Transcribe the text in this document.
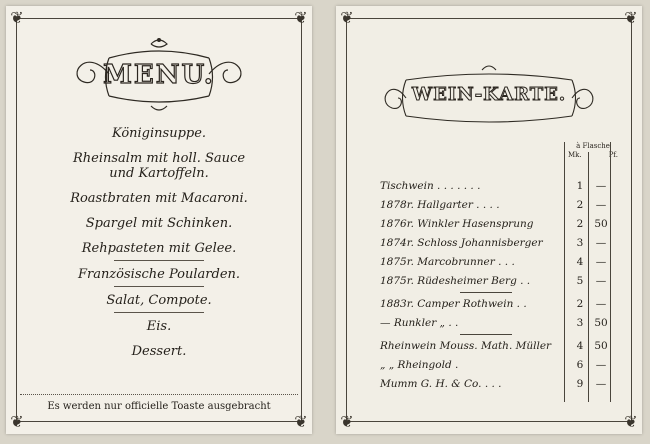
❦	❦
❦	❦
MENU.
Königinsuppe.
Rheinsalm mit holl. Sauce
und Kartoffeln.
Roastbraten mit Macaroni.
Spargel mit Schinken.
Rehpasteten mit Gelee.
Französische Poularden.
Salat, Compote.
Eis.
Dessert.
Es werden nur officielle Toaste ausgebracht
❦	❦
❦	❦
WEIN-KARTE.
à Flasche
Mk.	Pf.
Tischwein . . . . . . .	1	—
1878r. Hallgarter . . . .	2	—
1876r. Winkler Hasensprung	2	50
1874r. Schloss Johannisberger	3	—
1875r. Marcobrunner . . .	4	—
1875r. Rüdesheimer Berg . .	5	—
1883r. Camper Rothwein . .	2	—
— Runkler „ . .	3	50
Rheinwein Mouss. Math. Müller	4	50
„ „ Rheingold .	6	—
Mumm G. H. & Co. . . .	9	—
